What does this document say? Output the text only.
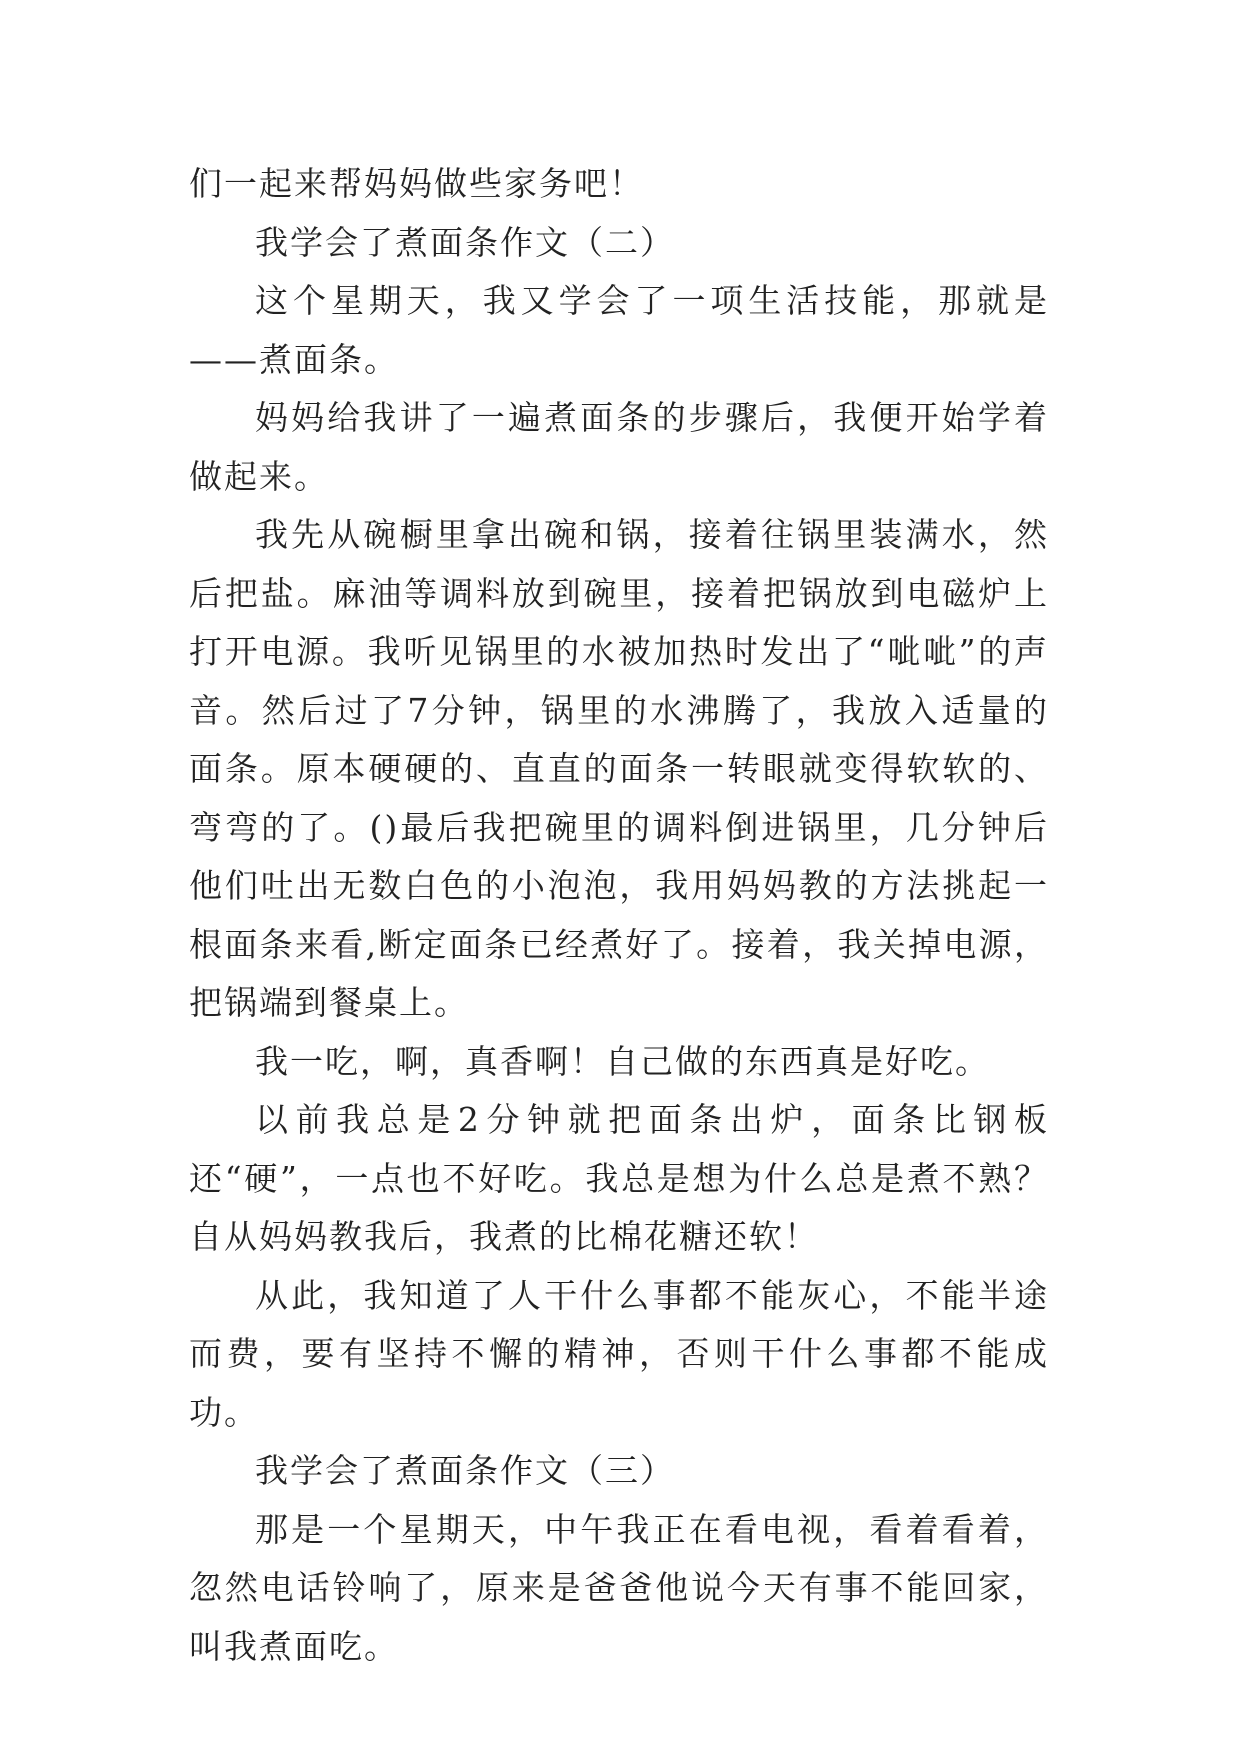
们一起来帮妈妈做些家务吧！

我学会了煮面条作文（二）

这个星期天，我又学会了一项生活技能，那就是——煮面条。

妈妈给我讲了一遍煮面条的步骤后，我便开始学着做起来。

我先从碗橱里拿出碗和锅，接着往锅里装满水，然后把盐。麻油等调料放到碗里，接着把锅放到电磁炉上打开电源。我听见锅里的水被加热时发出了“呲呲”的声音。然后过了7分钟，锅里的水沸腾了，我放入适量的面条。原本硬硬的、直直的面条一转眼就变得软软的、弯弯的了。()最后我把碗里的调料倒进锅里，几分钟后他们吐出无数白色的小泡泡，我用妈妈教的方法挑起一根面条来看,断定面条已经煮好了。接着，我关掉电源，把锅端到餐桌上。

我一吃，啊，真香啊！自己做的东西真是好吃。

以前我总是2分钟就把面条出炉，面条比钢板还“硬”，一点也不好吃。我总是想为什么总是煮不熟？自从妈妈教我后，我煮的比棉花糖还软！

从此，我知道了人干什么事都不能灰心，不能半途而费，要有坚持不懈的精神，否则干什么事都不能成功。

我学会了煮面条作文（三）

那是一个星期天，中午我正在看电视，看着看着，忽然电话铃响了，原来是爸爸他说今天有事不能回家，叫我煮面吃。
